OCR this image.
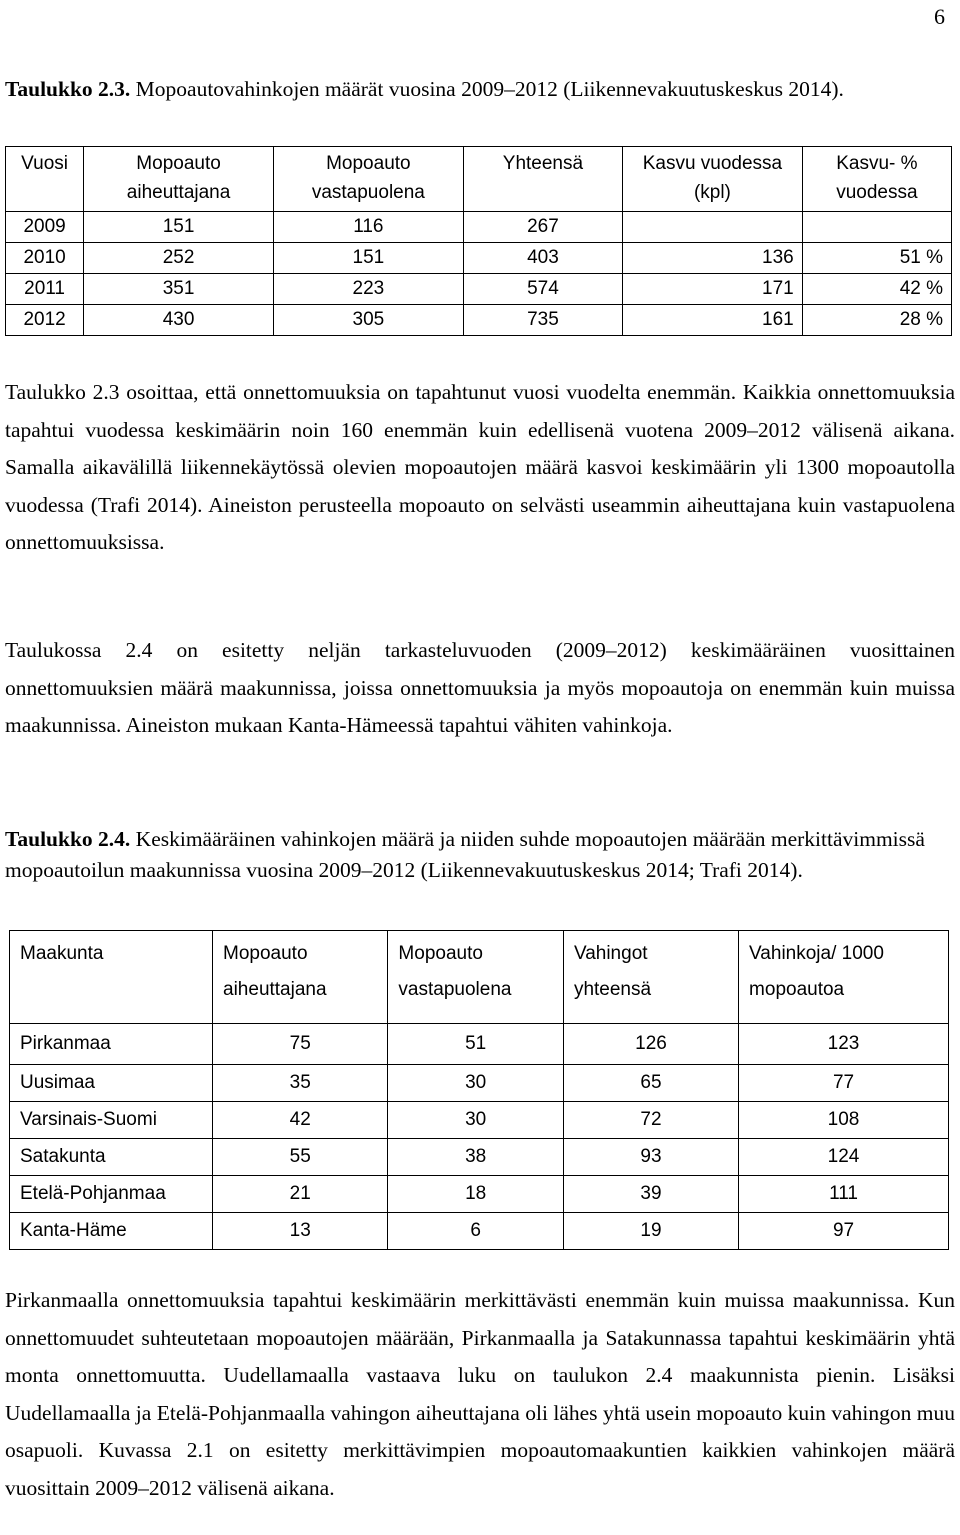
6
Taulukko 2.3. Mopoautovahinkojen määrät vuosina 2009–2012 (Liikennevakuutuskeskus 2014).
Vuosi	Mopoauto aiheuttajana	Mopoauto vastapuolena	Yhteensä	Kasvu vuodessa (kpl)	Kasvu- % vuodessa
2009	151	116	267		
2010	252	151	403	136	51 %
2011	351	223	574	171	42 %
2012	430	305	735	161	28 %
Taulukko 2.3 osoittaa, että onnettomuuksia on tapahtunut vuosi vuodelta enemmän. Kaikkia onnettomuuksia tapahtui vuodessa keskimäärin noin 160 enemmän kuin edellisenä vuotena 2009–2012 välisenä aikana. Samalla aikavälillä liikennekäytössä olevien mopoautojen määrä kasvoi keskimäärin yli 1300 mopoautolla vuodessa (Trafi 2014). Aineiston perusteella mopoauto on selvästi useammin aiheuttajana kuin vastapuolena onnettomuuksissa.
Taulukossa 2.4 on esitetty neljän tarkasteluvuoden (2009–2012) keskimääräinen vuosittainen onnettomuuksien määrä maakunnissa, joissa onnettomuuksia ja myös mopoautoja on enemmän kuin muissa maakunnissa. Aineiston mukaan Kanta-Hämeessä tapahtui vähiten vahinkoja.
Taulukko 2.4. Keskimääräinen vahinkojen määrä ja niiden suhde mopoautojen määrään merkittävimmissä mopoautoilun maakunnissa vuosina 2009–2012 (Liikennevakuutuskeskus 2014; Trafi 2014).
Maakunta	Mopoauto aiheuttajana	Mopoauto vastapuolena	Vahingot yhteensä	Vahinkoja/ 1000 mopoautoa
Pirkanmaa	75	51	126	123
Uusimaa	35	30	65	77
Varsinais-Suomi	42	30	72	108
Satakunta	55	38	93	124
Etelä-Pohjanmaa	21	18	39	111
Kanta-Häme	13	6	19	97
Pirkanmaalla onnettomuuksia tapahtui keskimäärin merkittävästi enemmän kuin muissa maakunnissa. Kun onnettomuudet suhteutetaan mopoautojen määrään, Pirkanmaalla ja Satakunnassa tapahtui keskimäärin yhtä monta onnettomuutta. Uudellamaalla vastaava luku on taulukon 2.4 maakunnista pienin. Lisäksi Uudellamaalla ja Etelä-Pohjanmaalla vahingon aiheuttajana oli lähes yhtä usein mopoauto kuin vahingon muu osapuoli. Kuvassa 2.1 on esitetty merkittävimpien mopoautomaakuntien kaikkien vahinkojen määrä vuosittain 2009–2012 välisenä aikana.
